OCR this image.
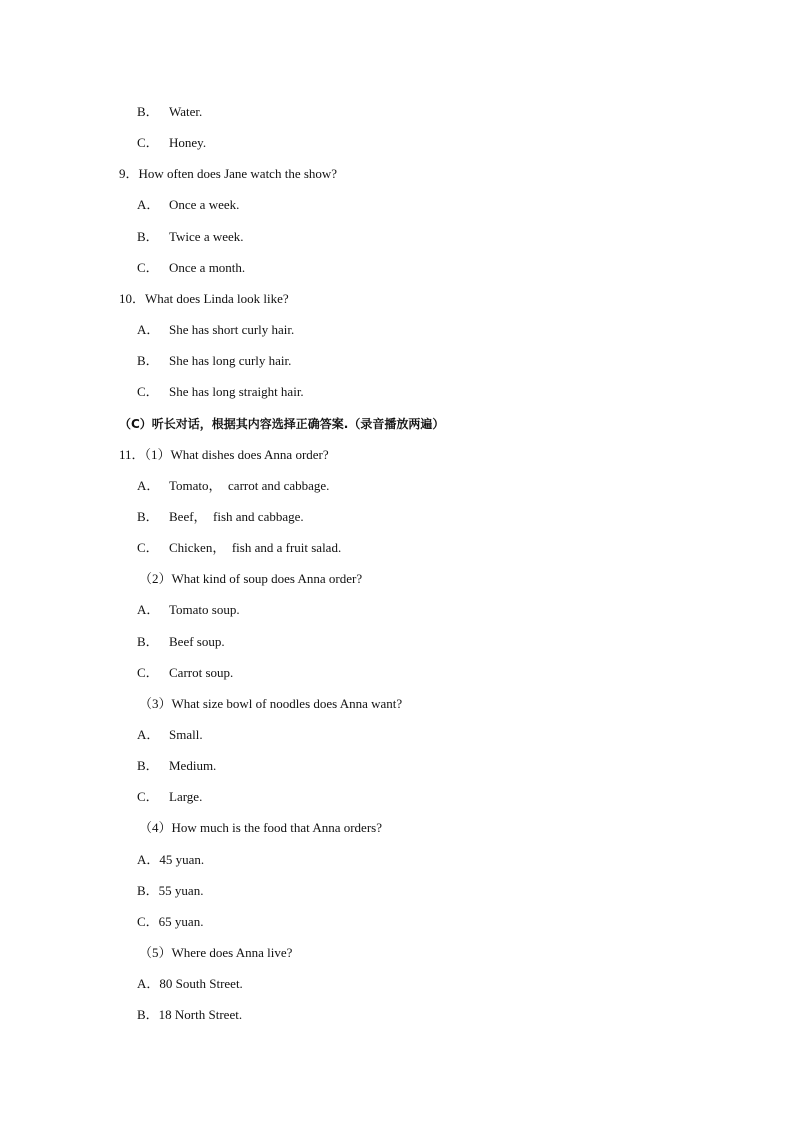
B． Water.
C． Honey.
9．How often does Jane watch the show?
A． Once a week.
B． Twice a week.
C． Once a month.
10．What does Linda look like?
A． She has short curly hair.
B． She has long curly hair.
C． She has long straight hair.
（C）听长对话，根据其内容选择正确答案.（录音播放两遍）
11．（1）What dishes does Anna order?
A． Tomato，  carrot and cabbage.
B． Beef，  fish and cabbage.
C． Chicken，  fish and a fruit salad.
（2）What kind of soup does Anna order?
A． Tomato soup.
B． Beef soup.
C． Carrot soup.
（3）What size bowl of noodles does Anna want?
A． Small.
B． Medium.
C． Large.
（4）How much is the food that Anna orders?
A．45 yuan.
B．55 yuan.
C．65 yuan.
（5）Where does Anna live?
A．80 South Street.
B．18 North Street.
